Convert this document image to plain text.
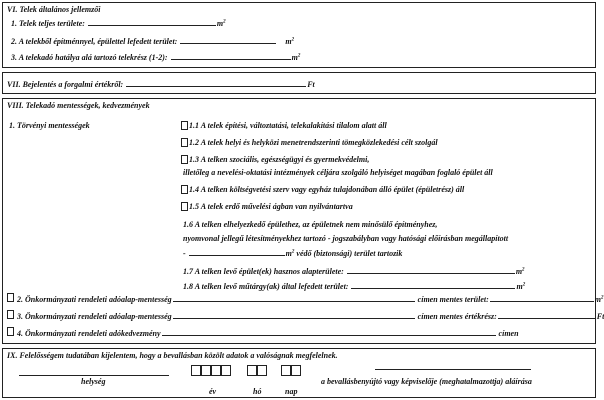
VI. Telek általános jellemzői
1. Telek teljes területe:	$m^2$
2. A telekből építménnyel, épülettel lefedett terület:	$m^2$
3. A telekadó hatálya alá tartozó telekrész (1-2):	$m^2$
VII. Bejelentés a forgalmi értékről:	Ft
VIII. Telekadó mentességek, kedvezmények
1. Törvényi mentességek	1.1 A telek építési, változtatási, telekalakítási tilalom alatt áll
1.2 A telek helyi és helyközi menetrendszerinti tömegközlekedési célt szolgál
1.3 A telken szociális, egészségügyi és gyermekvédelmi,
illetőleg a nevelési-oktatási intézmények céljára szolgáló helyiséget magában foglaló épület áll
1.4 A telken költségvetési szerv vagy egyház tulajdonában álló épület (épületrész) áll
1.5 A telek erdő művelési ágban van nyilvántartva
1.6 A telken elhelyezkedő épülethez, az épületnek nem minősülő építményhez,
nyomvonal jellegű létesítményekhez tartozó - jogszabályban vagy hatósági előírásban megállapított
-	$m^2$ védő (biztonsági) terület tartozik
1.7 A telken levő épület(ek) hasznos alapterülete:	$m^2$
1.8 A telken levő műtárgy(ak) által lefedett terület:	$m^2$
2. Önkormányzati rendeleti adóalap-mentesség	címen mentes terület:	$m^2$
3. Önkormányzati rendeleti adóalap-mentesség	címen mentes értékrész:	Ft
4. Önkormányzati rendeleti adókedvezmény	címen
IX. Felelősségem tudatában kijelentem, hogy a bevallásban közölt adatok a valóságnak megfelelnek.
helység
év	hó	nap
a bevallásbenyújtó vagy képviselője (meghatalmazottja) aláírása
